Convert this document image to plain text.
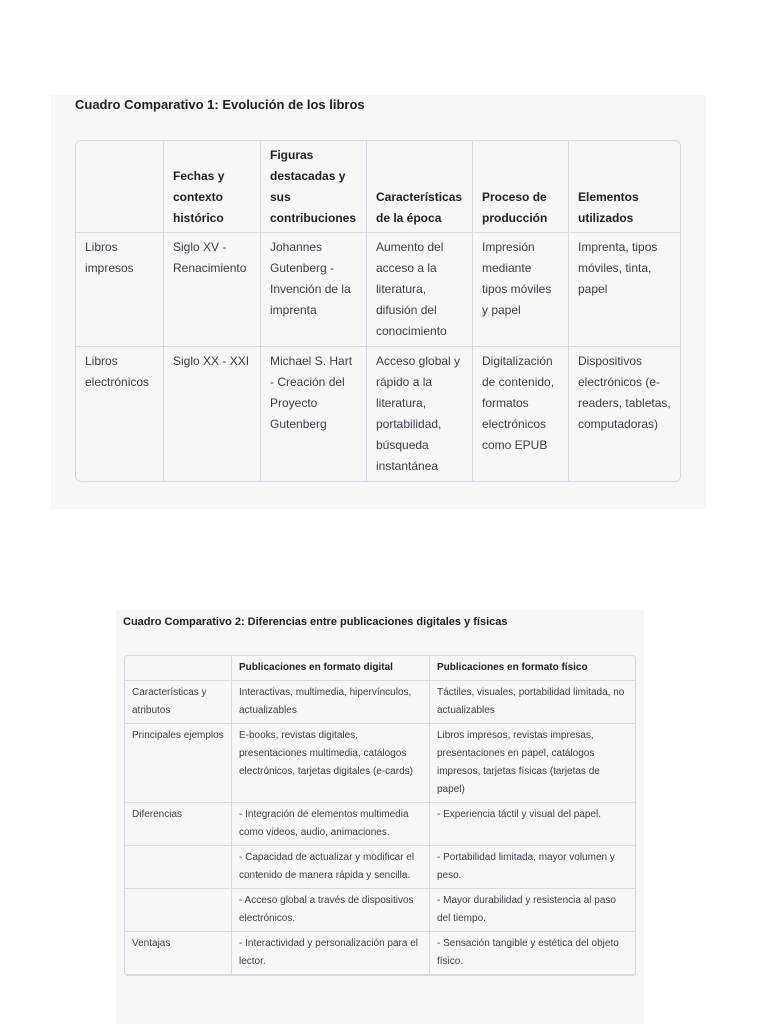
Cuadro Comparativo 1: Evolución de los libros
	Fechas y contexto histórico	Figuras destacadas y sus contribuciones	Características de la época	Proceso de producción	Elementos utilizados
Libros impresos	Siglo XV - Renacimiento	Johannes Gutenberg - Invención de la imprenta	Aumento del acceso a la literatura, difusión del conocimiento	Impresión mediante tipos móviles y papel	Imprenta, tipos móviles, tinta, papel
Libros electrónicos	Siglo XX - XXI	Michael S. Hart - Creación del Proyecto Gutenberg	Acceso global y rápido a la literatura, portabilidad, búsqueda instantánea	Digitalización de contenido, formatos electrónicos como EPUB	Dispositivos electrónicos (e-readers, tabletas, computadoras)
Cuadro Comparativo 2: Diferencias entre publicaciones digitales y físicas
	Publicaciones en formato digital	Publicaciones en formato físico
Características y atributos	Interactivas, multimedia, hipervínculos, actualizables	Táctiles, visuales, portabilidad limitada, no actualizables
Principales ejemplos	E-books, revistas digitales, presentaciones multimedia, catálogos electrónicos, tarjetas digitales (e-cards)	Libros impresos, revistas impresas, presentaciones en papel, catálogos impresos, tarjetas físicas (tarjetas de papel)
Diferencias	- Integración de elementos multimedia como videos, audio, animaciones.	- Experiencia táctil y visual del papel.
	- Capacidad de actualizar y modificar el contenido de manera rápida y sencilla.	- Portabilidad limitada, mayor volumen y peso.
	- Acceso global a través de dispositivos electrónicos.	- Mayor durabilidad y resistencia al paso del tiempo.
Ventajas	- Interactividad y personalización para el lector.	- Sensación tangible y estética del objeto físico.
